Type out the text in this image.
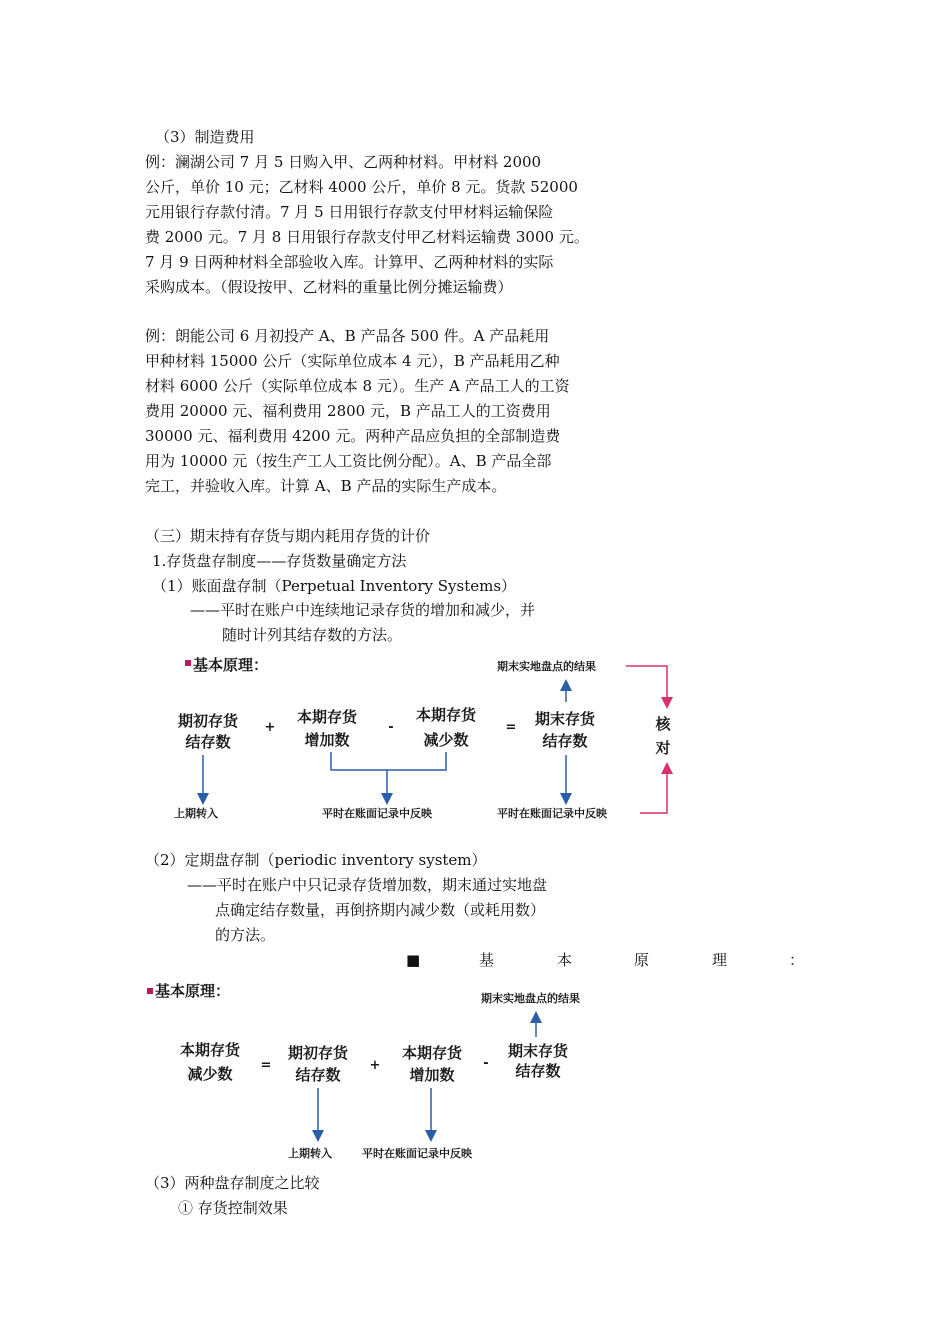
（3）制造费用
例：澜湖公司 7 月 5 日购入甲、乙两种材料。甲材料 2000
公斤，单价 10 元；乙材料 4000 公斤，单价 8 元。货款 52000
元用银行存款付清。7 月 5 日用银行存款支付甲材料运输保险
费 2000 元。7 月 8 日用银行存款支付甲乙材料运输费 3000 元。
7 月 9 日两种材料全部验收入库。计算甲、乙两种材料的实际
采购成本。（假设按甲、乙材料的重量比例分摊运输费）
例：朗能公司 6 月初投产 A、B 产品各 500 件。A 产品耗用
甲种材料 15000 公斤（实际单位成本 4 元），B 产品耗用乙种
材料 6000 公斤（实际单位成本 8 元）。生产 A 产品工人的工资
费用 20000 元、福利费用 2800 元，B 产品工人的工资费用
30000 元、福利费用 4200 元。两种产品应负担的全部制造费
用为 10000 元（按生产工人工资比例分配）。A、B 产品全部
完工，并验收入库。计算 A、B 产品的实际生产成本。
（三）期末持有存货与期内耗用存货的计价
1.存货盘存制度——存货数量确定方法
（1）账面盘存制（Perpetual Inventory Systems）
——平时在账户中连续地记录存货的增加和减少，并
随时计列其结存数的方法。
基本原理：	期末实地盘点的结果
期初存货
结存数
+
本期存货
增加数
-
本期存货
减少数
= 期末存货
结存数
核
对
上期转入	平时在账面记录中反映	平时在账面记录中反映
基本原理：	期末实地盘点的结果
本期存货
减少数 =
期初存货
结存数
+
本期存货
增加数
-
期末存货
结存数
上期转入	平时在账面记录中反映
（2）定期盘存制（periodic inventory system）
——平时在账户中只记录存货增加数，期末通过实地盘
点确定结存数量，再倒挤期内减少数（或耗用数）
的方法。
■	基	本	原	理	：
（3）两种盘存制度之比较
① 存货控制效果
